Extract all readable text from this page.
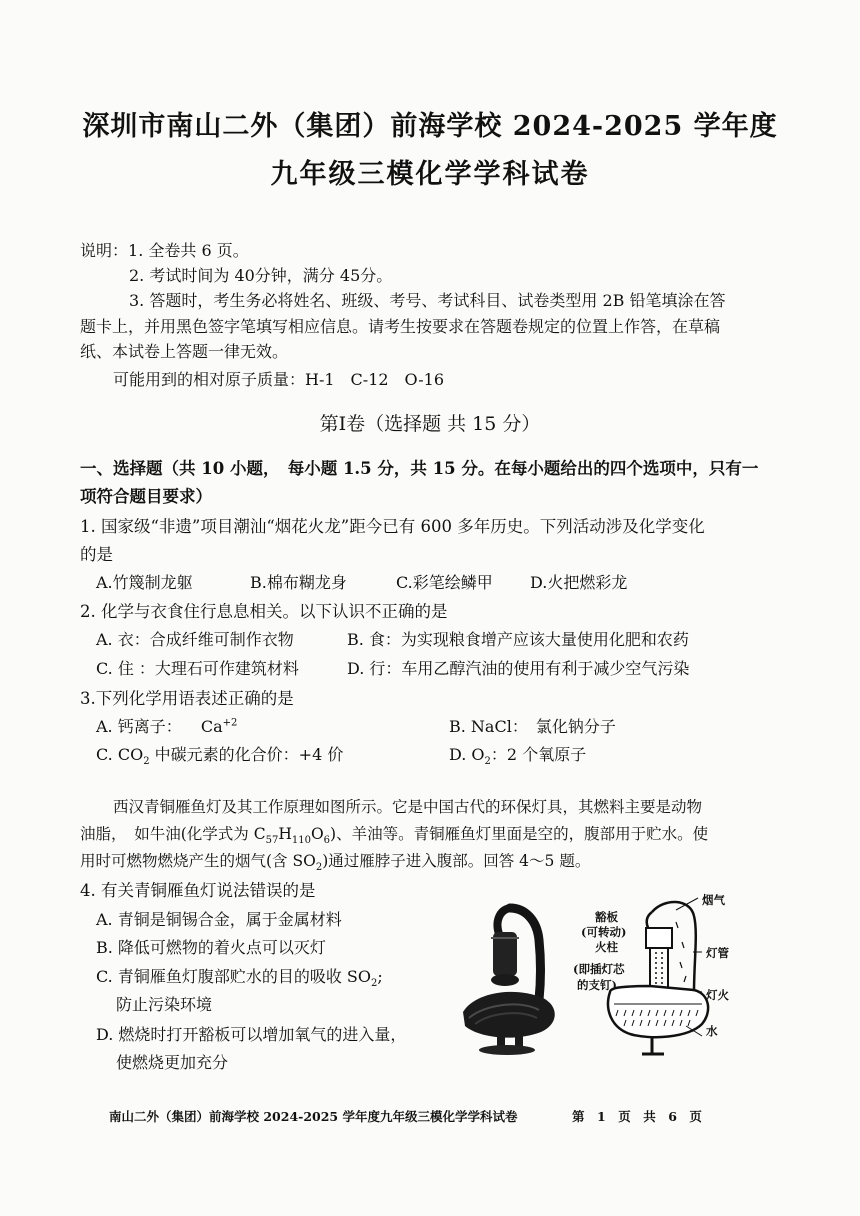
深圳市南山二外（集团）前海学校 2024-2025 学年度
九年级三模化学学科试卷
说明：1. 全卷共 6 页。
2. 考试时间为 40分钟，满分 45分。
3. 答题时，考生务必将姓名、班级、考号、考试科目、试卷类型用 2B 铅笔填涂在答
题卡上，并用黑色签字笔填写相应信息。请考生按要求在答题卷规定的位置上作答，在草稿
纸、本试卷上答题一律无效。
可能用到的相对原子质量：H-1　C-12　O-16
第Ⅰ卷（选择题 共 15 分）
一、选择题（共 10 小题，　每小题 1.5 分，共 15 分。在每小题给出的四个选项中，只有一
项符合题目要求）
1. 国家级“非遗”项目潮汕“烟花火龙”距今已有 600 多年历史。下列活动涉及化学变化
的是
A.竹篾制龙躯	B.棉布糊龙身	C.彩笔绘鳞甲 D.火把燃彩龙
2. 化学与衣食住行息息相关。以下认识不正确的是
A. 衣：合成纤维可制作衣物	B. 食：为实现粮食增产应该大量使用化肥和农药
C. 住 ：大理石可作建筑材料	D. 行：车用乙醇汽油的使用有利于减少空气污染
3.下列化学用语表述正确的是
A. 钙离子： $Ca^{+2}$	B. NaCl：　氯化钠分子
C. $CO_2$ 中碳元素的化合价：+4 价	D. $O_2$：2 个氧原子
西汉青铜雁鱼灯及其工作原理如图所示。它是中国古代的环保灯具，其燃料主要是动物
油脂，　如牛油(化学式为 $C_{57}H_{110}O_6$)、羊油等。青铜雁鱼灯里面是空的，腹部用于贮水。使
用时可燃物燃烧产生的烟气(含 $SO_2$)通过雁脖子进入腹部。回答 4～5 题。
4. 有关青铜雁鱼灯说法错误的是
A. 青铜是铜锡合金，属于金属材料
B. 降低可燃物的着火点可以灭灯
C. 青铜雁鱼灯腹部贮水的目的吸收 $SO_2$;
防止污染环境
D. 燃烧时打开豁板可以增加氧气的进入量，
使燃烧更加充分
烟气
豁板
(可转动)
火柱	灯管
(即插灯芯
的支钉)
灯火
水
南山二外（集团）前海学校 2024-2025 学年度九年级三模化学学科试卷	第　1　页　共　6　页
